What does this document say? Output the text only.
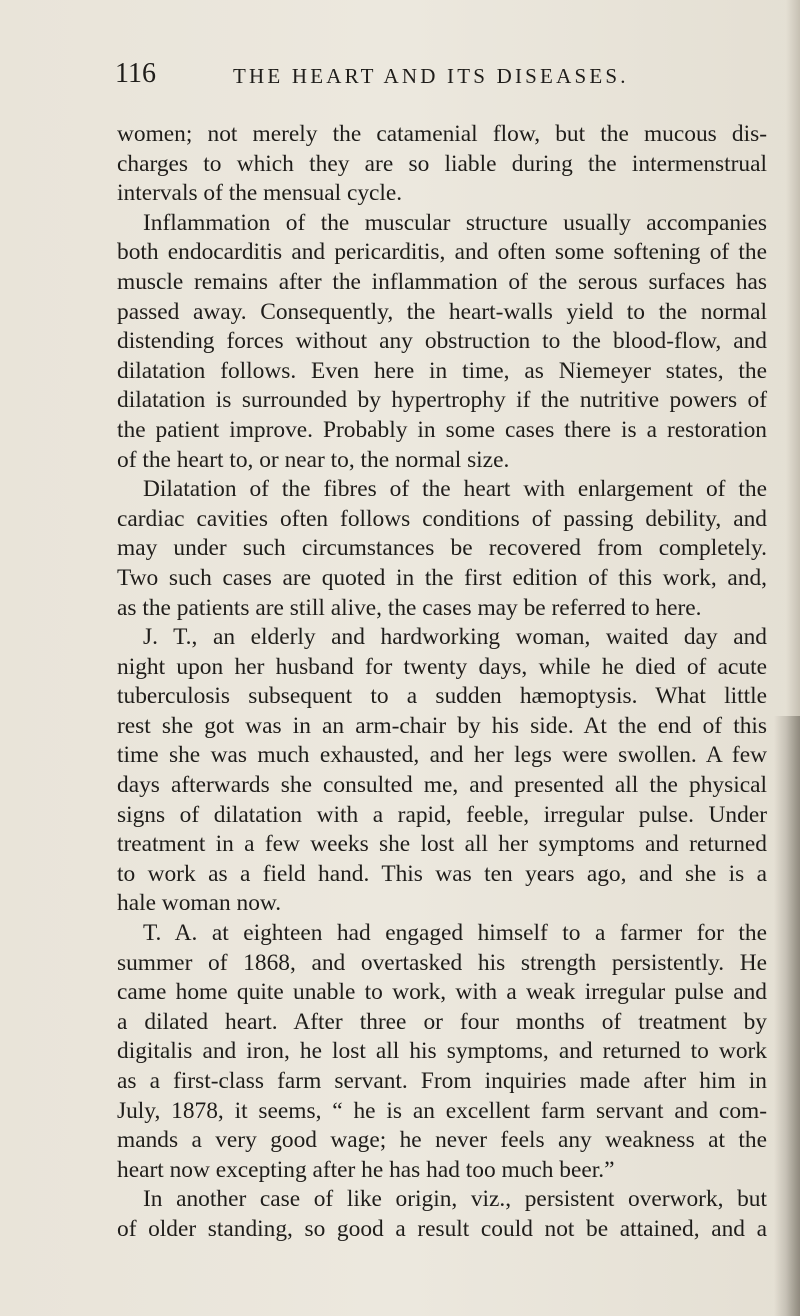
116	THE HEART AND ITS DISEASES.
women; not merely the catamenial flow, but the mucous dis-
charges to which they are so liable during the intermenstrual
intervals of the mensual cycle.
Inflammation of the muscular structure usually accompanies
both endocarditis and pericarditis, and often some softening of the
muscle remains after the inflammation of the serous surfaces has
passed away. Consequently, the heart-walls yield to the normal
distending forces without any obstruction to the blood-flow, and
dilatation follows. Even here in time, as Niemeyer states, the
dilatation is surrounded by hypertrophy if the nutritive powers of
the patient improve. Probably in some cases there is a restoration
of the heart to, or near to, the normal size.
Dilatation of the fibres of the heart with enlargement of the
cardiac cavities often follows conditions of passing debility, and
may under such circumstances be recovered from completely.
Two such cases are quoted in the first edition of this work, and,
as the patients are still alive, the cases may be referred to here.
J. T., an elderly and hardworking woman, waited day and
night upon her husband for twenty days, while he died of acute
tuberculosis subsequent to a sudden hæmoptysis. What little
rest she got was in an arm-chair by his side. At the end of this
time she was much exhausted, and her legs were swollen. A few
days afterwards she consulted me, and presented all the physical
signs of dilatation with a rapid, feeble, irregular pulse. Under
treatment in a few weeks she lost all her symptoms and returned
to work as a field hand. This was ten years ago, and she is a
hale woman now.
T. A. at eighteen had engaged himself to a farmer for the
summer of 1868, and overtasked his strength persistently. He
came home quite unable to work, with a weak irregular pulse and
a dilated heart. After three or four months of treatment by
digitalis and iron, he lost all his symptoms, and returned to work
as a first-class farm servant. From inquiries made after him in
July, 1878, it seems, “ he is an excellent farm servant and com-
mands a very good wage; he never feels any weakness at the
heart now excepting after he has had too much beer.”
In another case of like origin, viz., persistent overwork, but
of older standing, so good a result could not be attained, and a
